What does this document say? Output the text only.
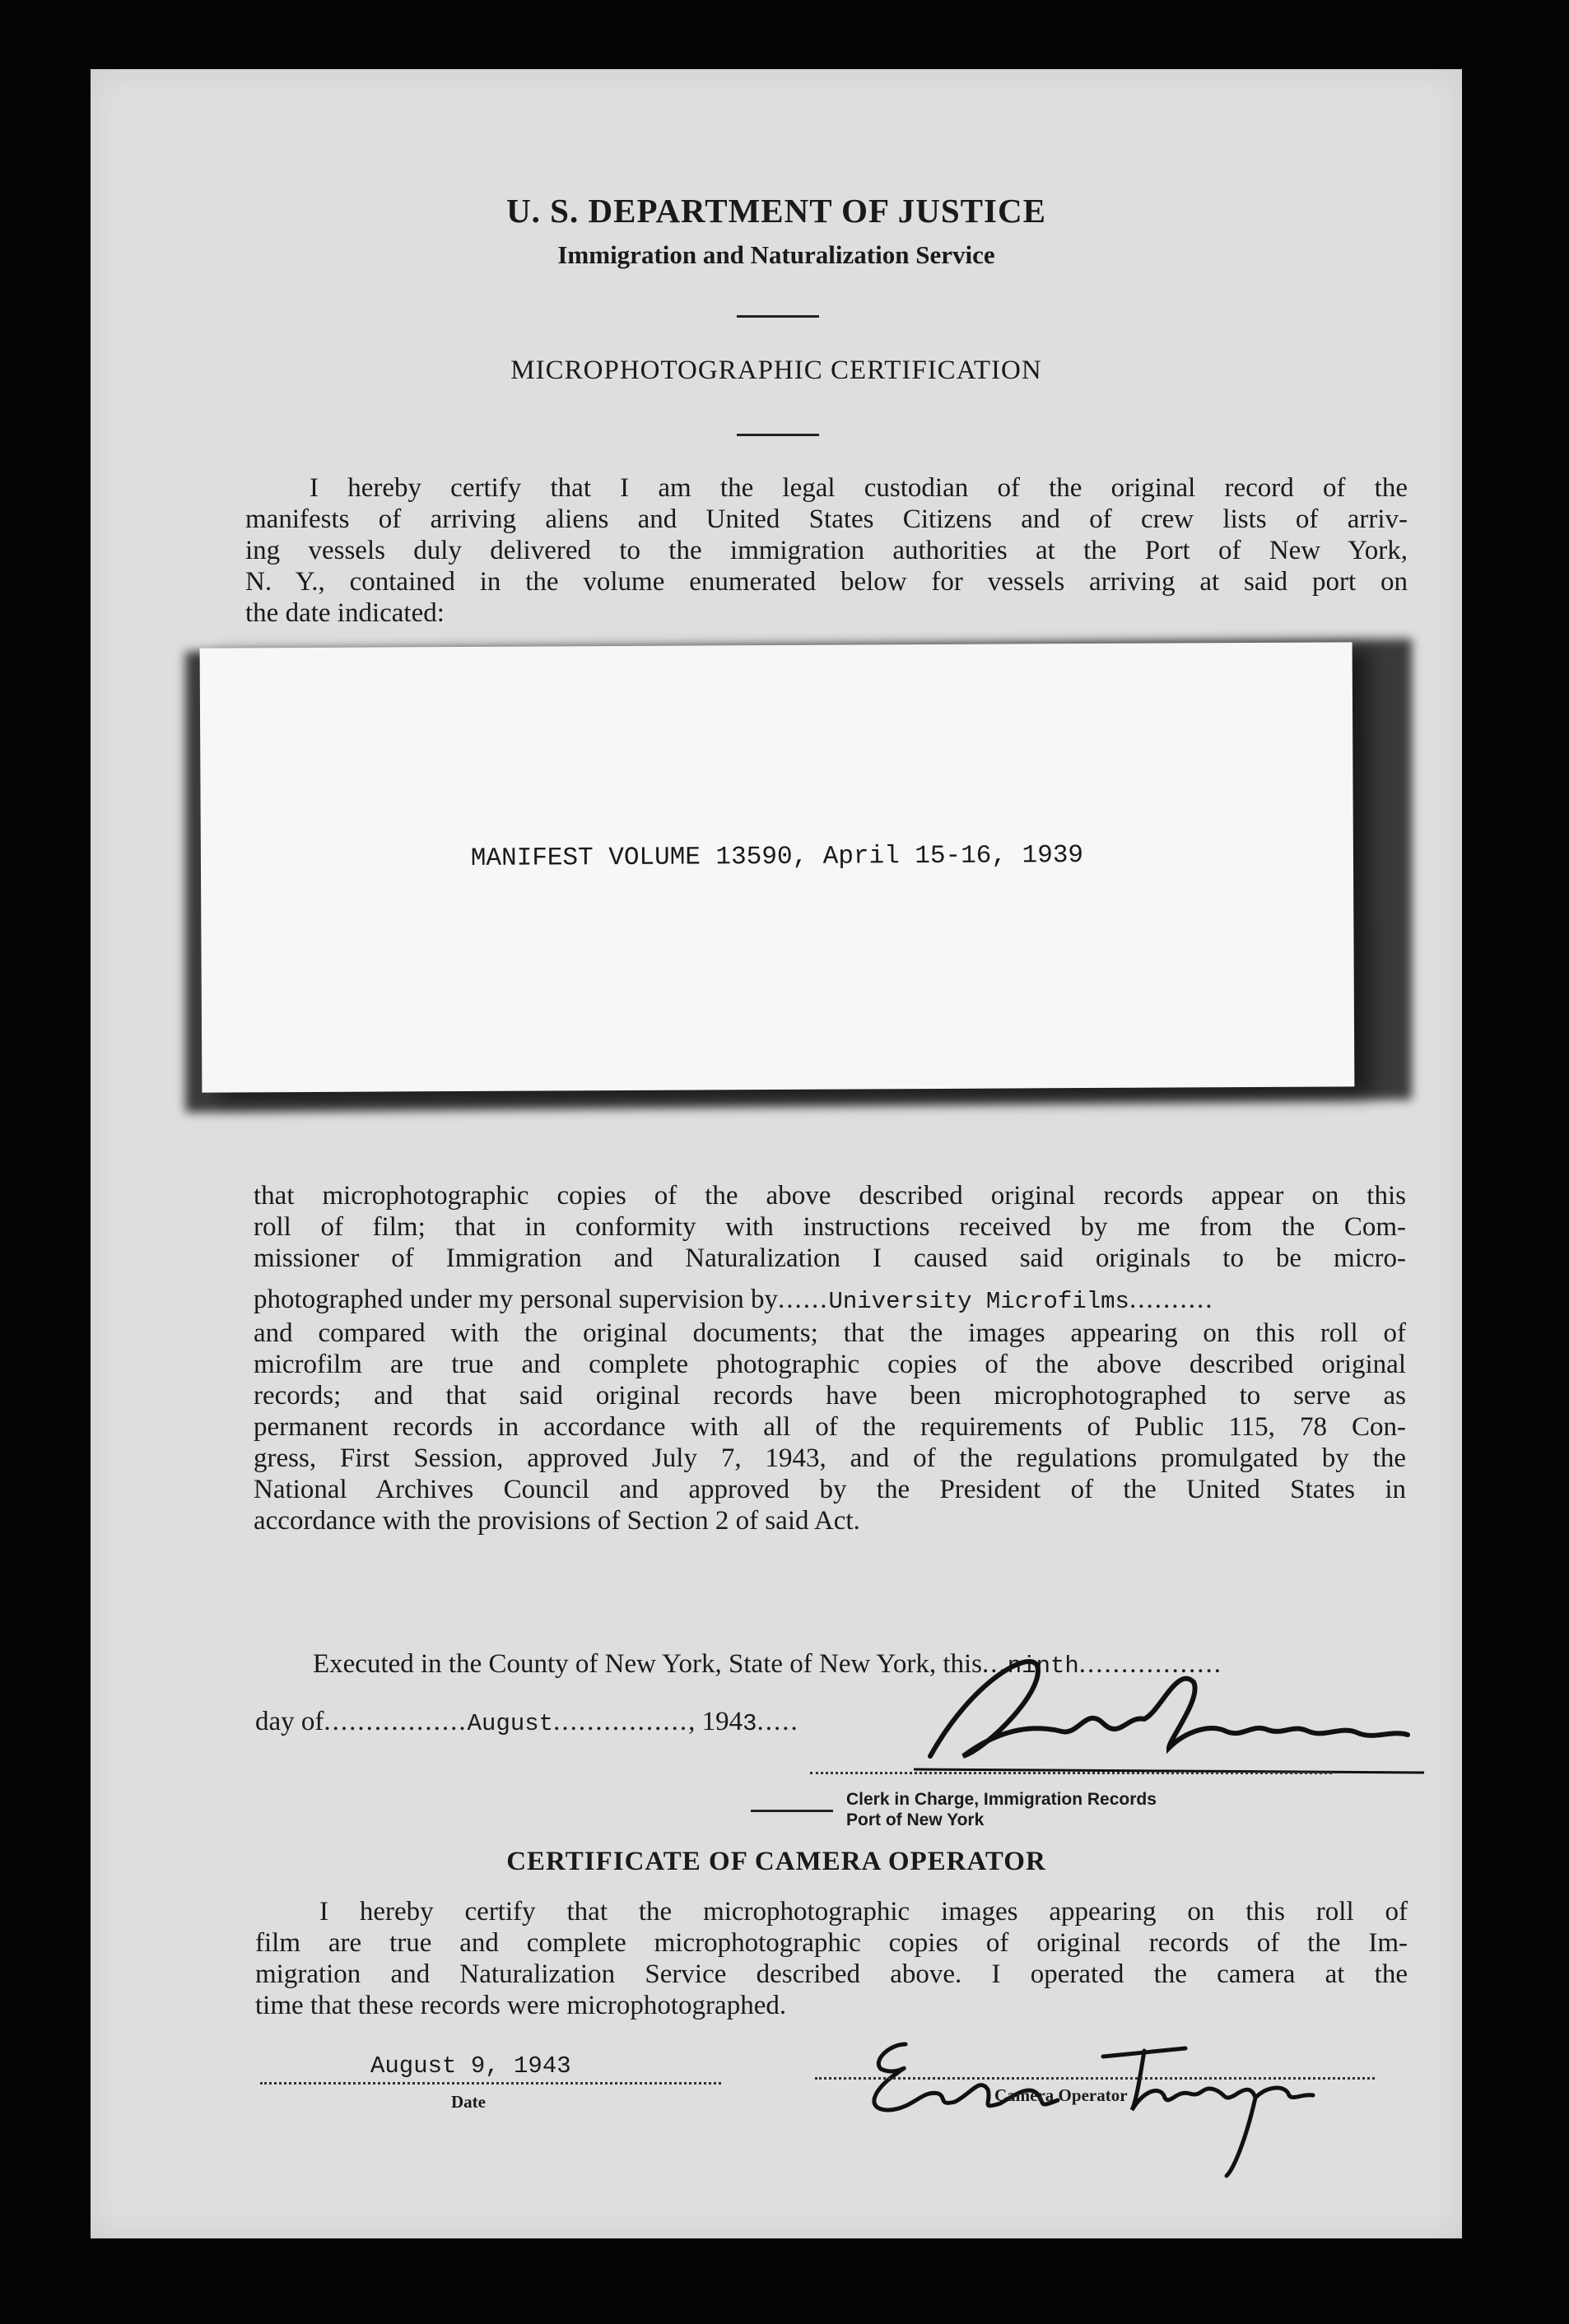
U. S. DEPARTMENT OF JUSTICE
Immigration and Naturalization Service
MICROPHOTOGRAPHIC CERTIFICATION

I hereby certify that I am the legal custodian of the original record of the

manifests of arriving aliens and United States Citizens and of crew lists of arriv-

ing vessels duly delivered to the immigration authorities at the Port of New York,

N. Y., contained in the volume enumerated below for vessels arriving at said port on

the date indicated:

MANIFEST VOLUME 13590, April 15-16, 1939

that microphotographic copies of the above described original records appear on this

roll of film; that in conformity with instructions received by me from the Com-

missioner of Immigration and Naturalization I caused said originals to be micro-

photographed under my personal supervision by......University Microfilms..........

and compared with the original documents; that the images appearing on this roll of

microfilm are true and complete photographic copies of the above described original

records; and that said original records have been microphotographed to serve as

permanent records in accordance with all of the requirements of Public 115, 78 Con-

gress, First Session, approved July 7, 1943, and of the regulations promulgated by the

National Archives Council and approved by the President of the United States in

accordance with the provisions of Section 2 of said Act.

Executed in the County of New York, State of New York, this...ninth.................
day of.................August................, 1943.....
Clerk in Charge, Immigration Records
Port of New York
CERTIFICATE OF CAMERA OPERATOR

I hereby certify that the microphotographic images appearing on this roll of

film are true and complete microphotographic copies of original records of the Im-

migration and Naturalization Service described above. I operated the camera at the

time that these records were microphotographed.

August 9, 1943
Date	Camera Operator
